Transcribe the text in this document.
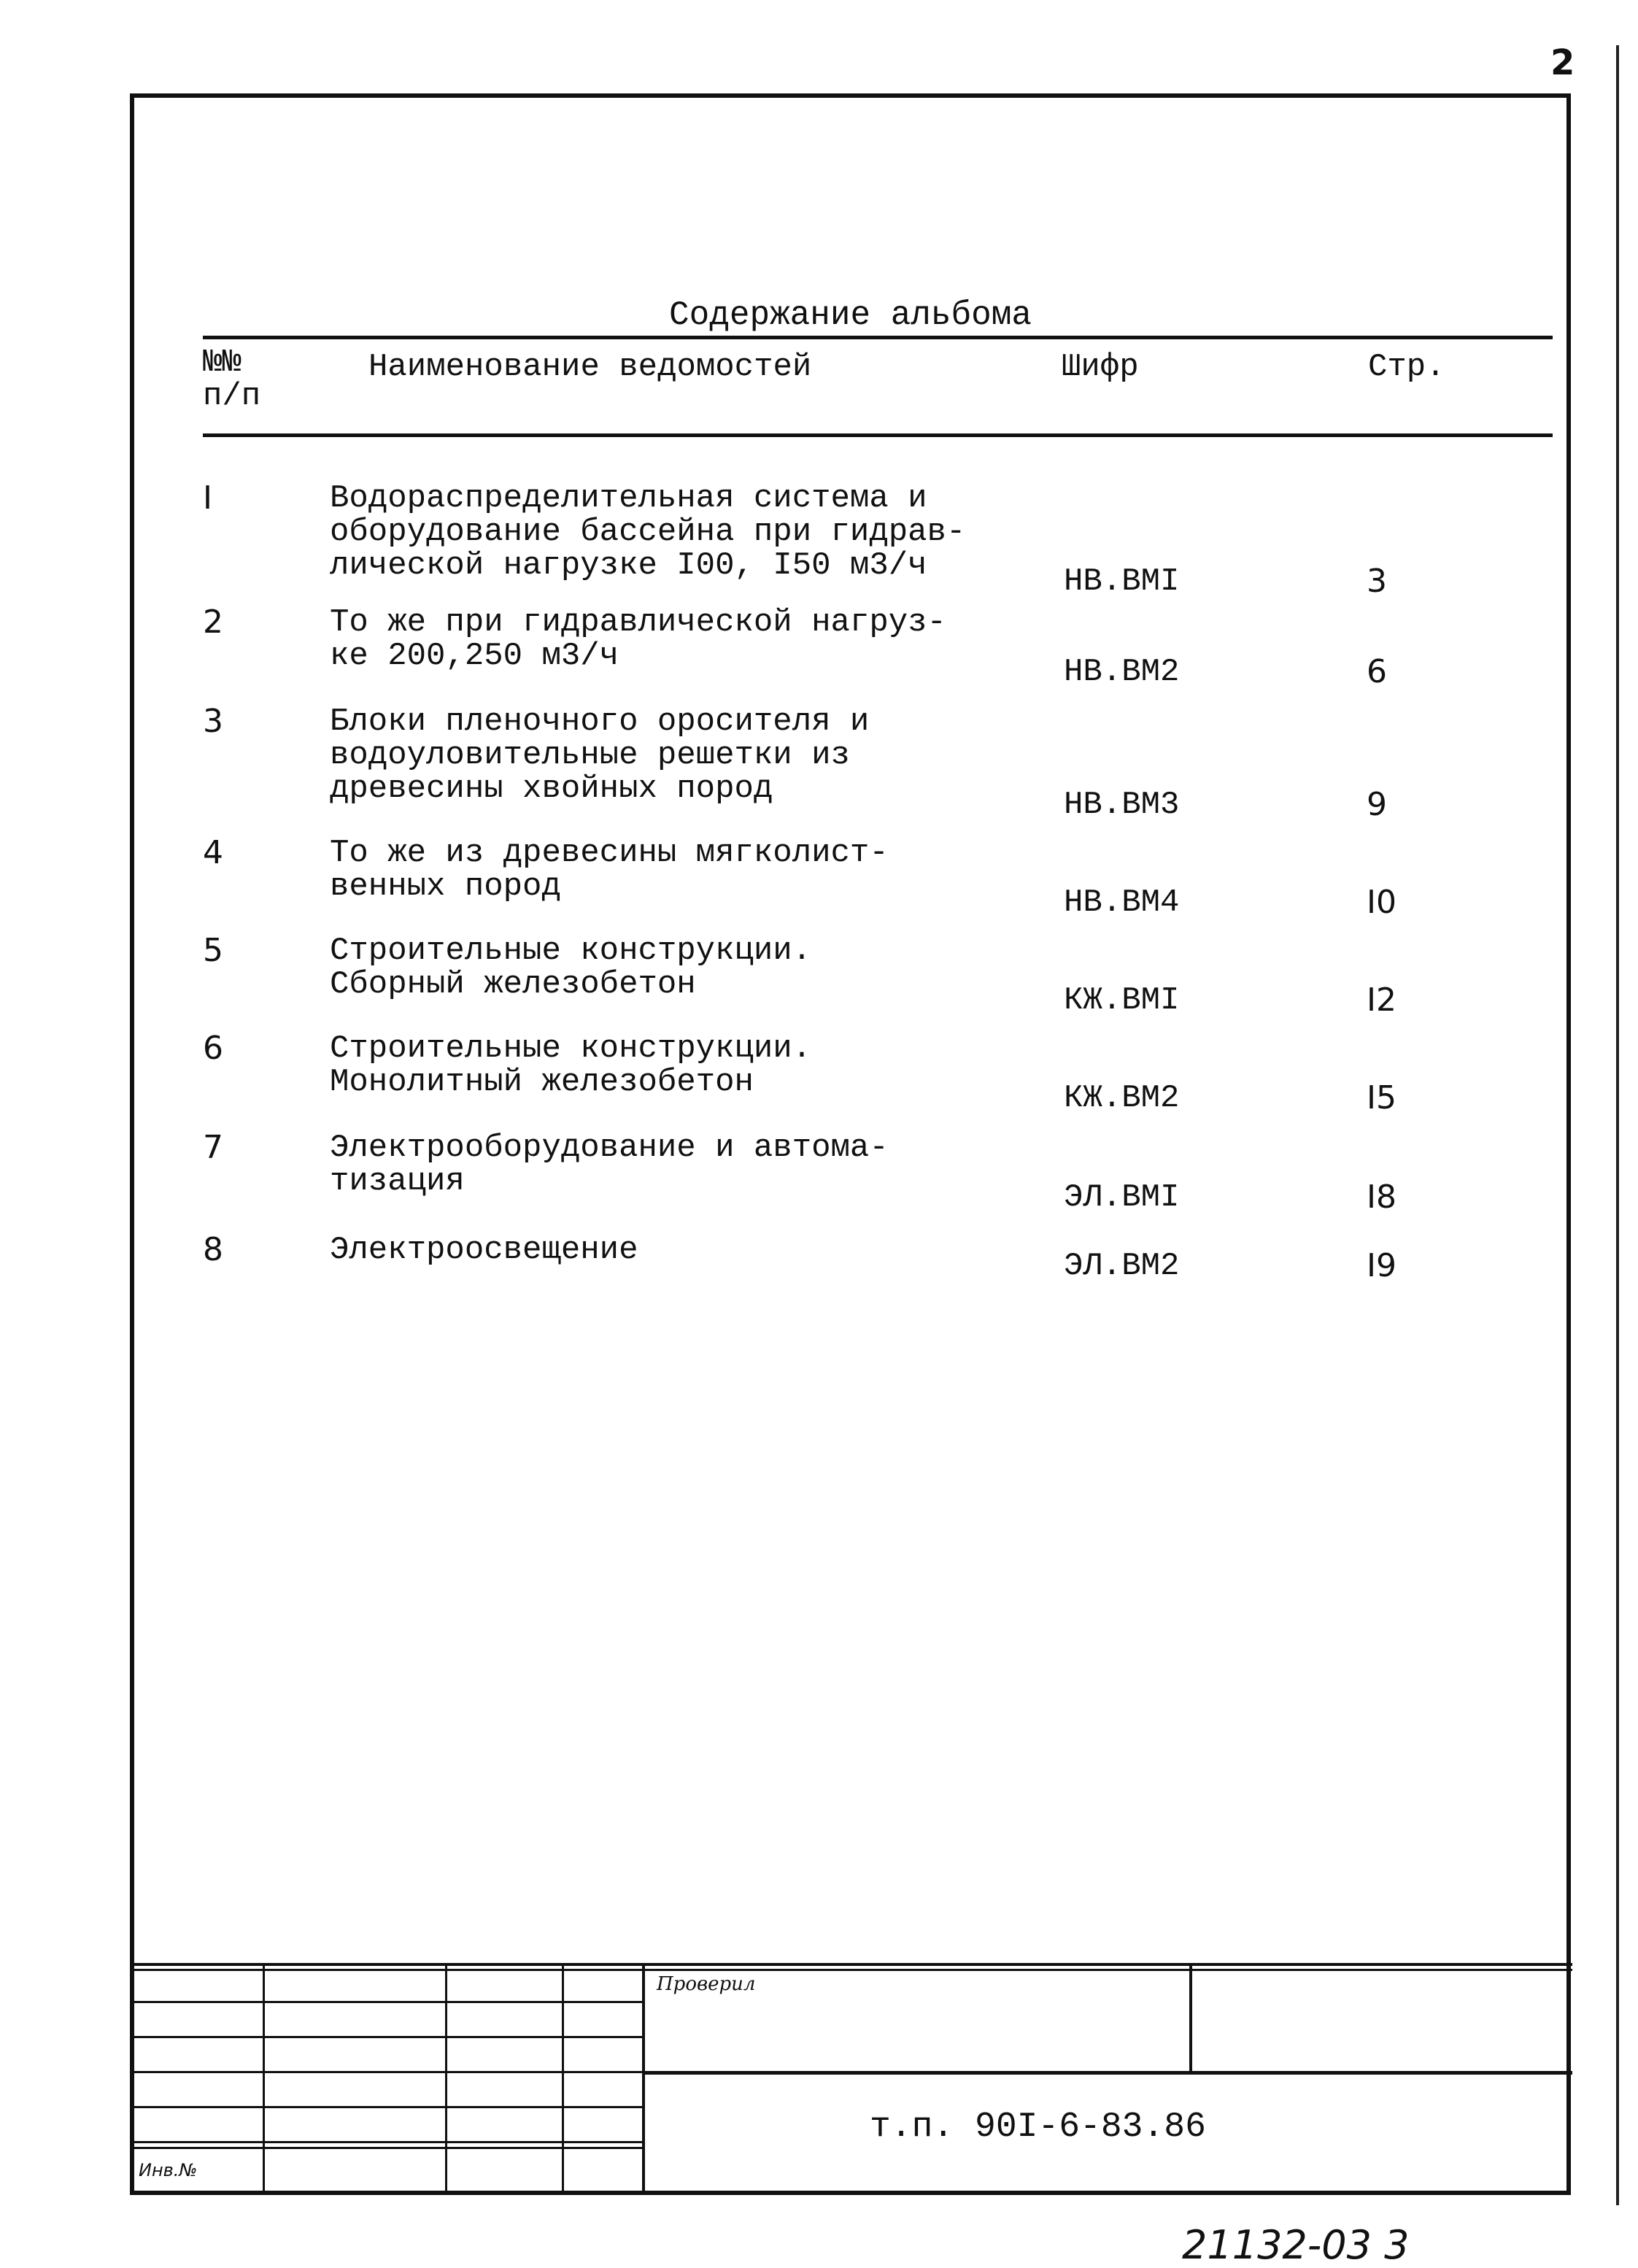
2
Содержание альбома
№№
п/п
Наименование ведомостей	Шифр	Стр.
I	Водораспределительная система и
оборудование бассейна при гидрав-
лической нагрузке I00, I50 м3/ч	НВ.ВМI	3
2	То же при гидравлической нагруз-
ке 200,250 м3/ч	НВ.ВМ2	6
3	Блоки пленочного оросителя и
водоуловительные решетки из
древесины хвойных пород	НВ.ВМ3	9
4	То же из древесины мягколист-
венных пород	НВ.ВМ4	I0
5	Строительные конструкции.
Сборный железобетон	КЖ.ВМI	I2
6	Строительные конструкции.
Монолитный железобетон	КЖ.ВМ2	I5
7	Электрооборудование и автома-
тизация	ЭЛ.ВМI	I8
8	Электроосвещение	ЭЛ.ВМ2	I9
Проверил
т.п. 90I-6-83.86
Инв.№
21132-03 3
